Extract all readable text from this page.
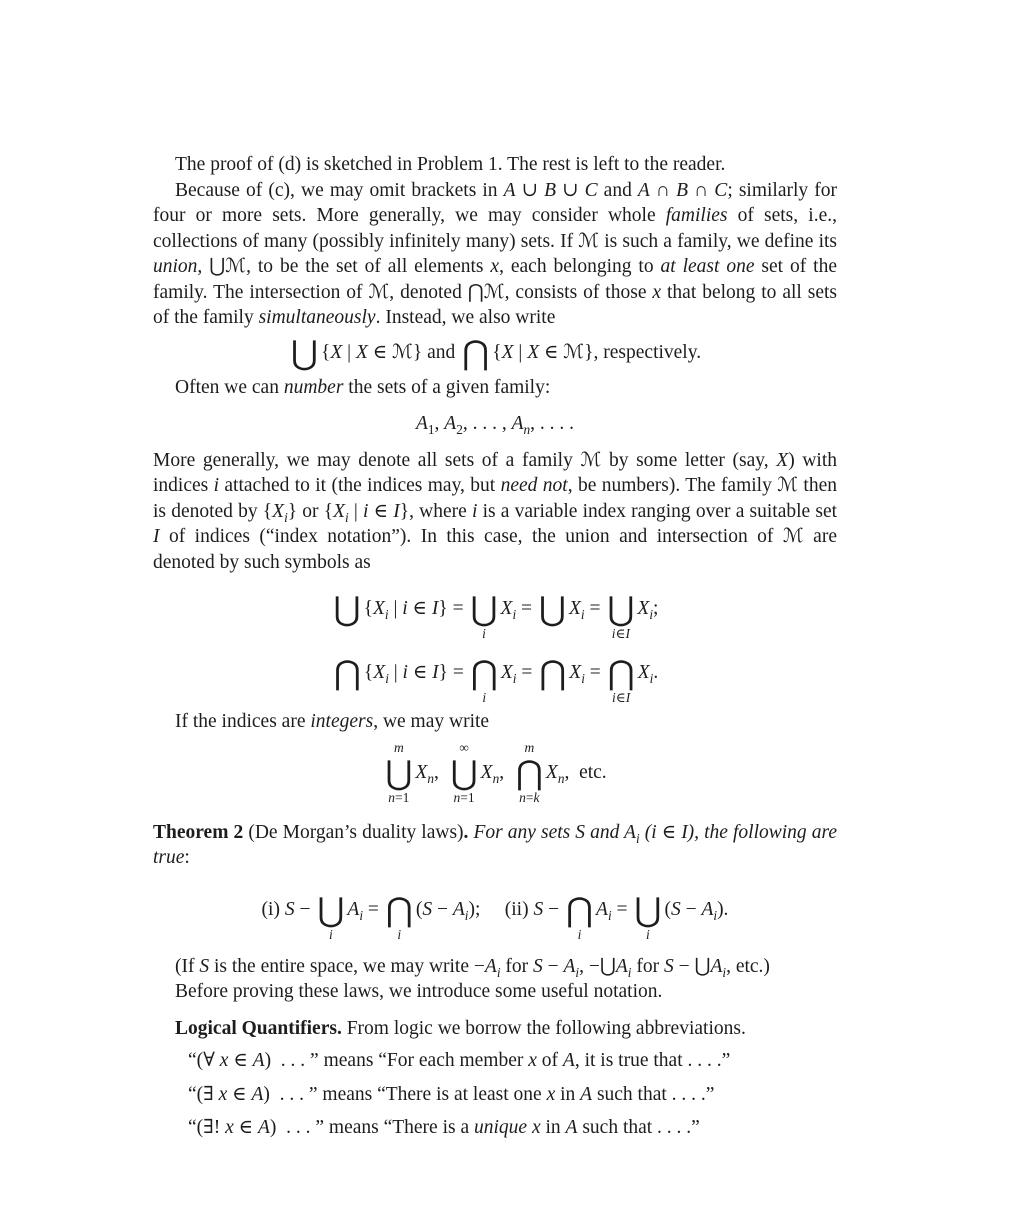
The proof of (d) is sketched in Problem 1. The rest is left to the reader.

Because of (c), we may omit brackets in A ∪ B ∪ C and A ∩ B ∩ C; similarly for four or more sets. More generally, we may consider whole families of sets, i.e., collections of many (possibly infinitely many) sets. If ℳ is such a family, we define its union, ⋃ℳ, to be the set of all elements x, each belonging to at least one set of the family. The intersection of ℳ, denoted ⋂ℳ, consists of those x that belong to all sets of the family simultaneously. Instead, we also write

⋃
{X | X ∈ ℳ} and
⋂
{X | X ∈ ℳ}, respectively.

Often we can number the sets of a given family:

$A_1$, $A_2$, . . . , $A_n$, . . . .

More generally, we may denote all sets of a family ℳ by some letter (say, X) with indices i attached to it (the indices may, but need not, be numbers). The family ℳ then is denoted by $\{X_i\}$ or {$X_i$ | i ∈ I}, where i is a variable index ranging over a suitable set I of indices (“index notation”). In this case, the union and intersection of ℳ are denoted by such symbols as

⋃
{$X_i$ | i ∈ I} =
⋃
i
$X_i$ =
⋃
$X_i$ =
⋃
i∈I
$X_i$;

⋂
{$X_i$ | i ∈ I} =
⋂
i
$X_i$ =
⋂
$X_i$ =
⋂
i∈I
$X_i$.

If the indices are integers, we may write

m
⋃
n=1
$X_n$,
∞
⋃
n=1
$X_n$,
m
⋂
n=k
$X_n$,  etc.

Theorem 2 (De Morgan’s duality laws). For any sets S and $A_i$ (i ∈ I), the following are true:

(i) S −
⋃
i
$A_i$ =
⋂
i
$(S - A_i)$;     (ii) S −
⋂
i
$A_i$ =
⋃
i
$(S - A_i)$.

(If S is the entire space, we may write $-A_i$ for $S - A_i$, $-⋃A_i$ for $S - ⋃A_i$, etc.)

Before proving these laws, we introduce some useful notation.

Logical Quantifiers. From logic we borrow the following abbreviations.

“(∀ x ∈ A)  . . . ” means “For each member x of A, it is true that . . . .”

“(∃ x ∈ A)  . . . ” means “There is at least one x in A such that . . . .”

“(∃! x ∈ A)  . . . ” means “There is a unique x in A such that . . . .”
